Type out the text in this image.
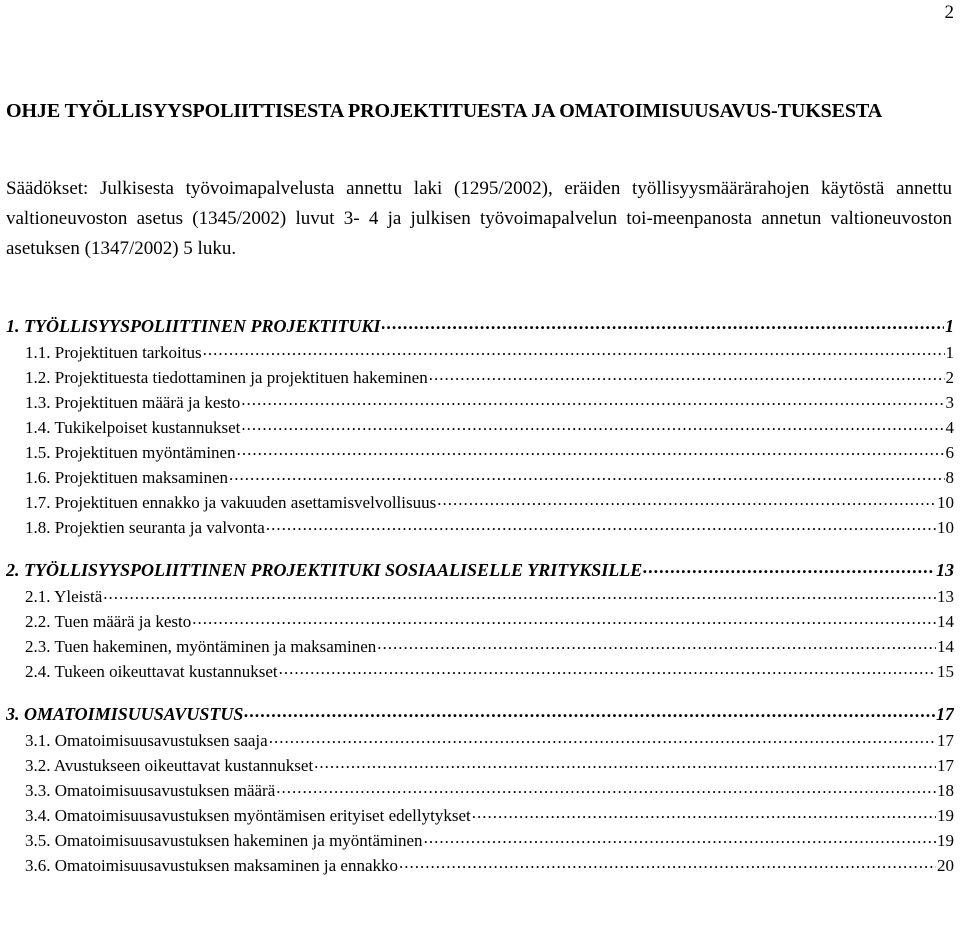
2
OHJE TYÖLLISYYSPOLIITTISESTA PROJEKTITUESTA JA OMATOIMISUUSAVUS-TUKSESTA
Säädökset: Julkisesta työvoimapalvelusta annettu laki (1295/2002), eräiden työllisyysmäärärahojen käytöstä annettu valtioneuvoston asetus (1345/2002) luvut 3- 4 ja julkisen työvoimapalvelun toi-meenpanosta annetun valtioneuvoston asetuksen (1347/2002) 5 luku.
1. TYÖLLISYYSPOLIITTINEN PROJEKTITUKI .....	1
1.1. Projektituen tarkoitus .....	1
1.2. Projektituesta tiedottaminen ja projektituen hakeminen .....	2
1.3. Projektituen määrä ja kesto .....	3
1.4. Tukikelpoiset kustannukset .....	4
1.5. Projektituen myöntäminen .....	6
1.6. Projektituen maksaminen .....	8
1.7. Projektituen ennakko ja vakuuden asettamisvelvollisuus .....	10
1.8. Projektien seuranta ja valvonta .....	10
2. TYÖLLISYYSPOLIITTINEN PROJEKTITUKI SOSIAALISELLE YRITYKSILLE .....	13
2.1. Yleistä .....	13
2.2. Tuen määrä ja kesto .....	14
2.3. Tuen hakeminen, myöntäminen ja maksaminen .....	14
2.4. Tukeen oikeuttavat kustannukset .....	15
3. OMATOIMISUUSAVUSTUS .....	17
3.1. Omatoimisuusavustuksen saaja .....	17
3.2. Avustukseen oikeuttavat kustannukset .....	17
3.3. Omatoimisuusavustuksen määrä .....	18
3.4. Omatoimisuusavustuksen myöntämisen erityiset edellytykset .....	19
3.5. Omatoimisuusavustuksen hakeminen ja myöntäminen .....	19
3.6. Omatoimisuusavustuksen maksaminen ja ennakko .....	20
